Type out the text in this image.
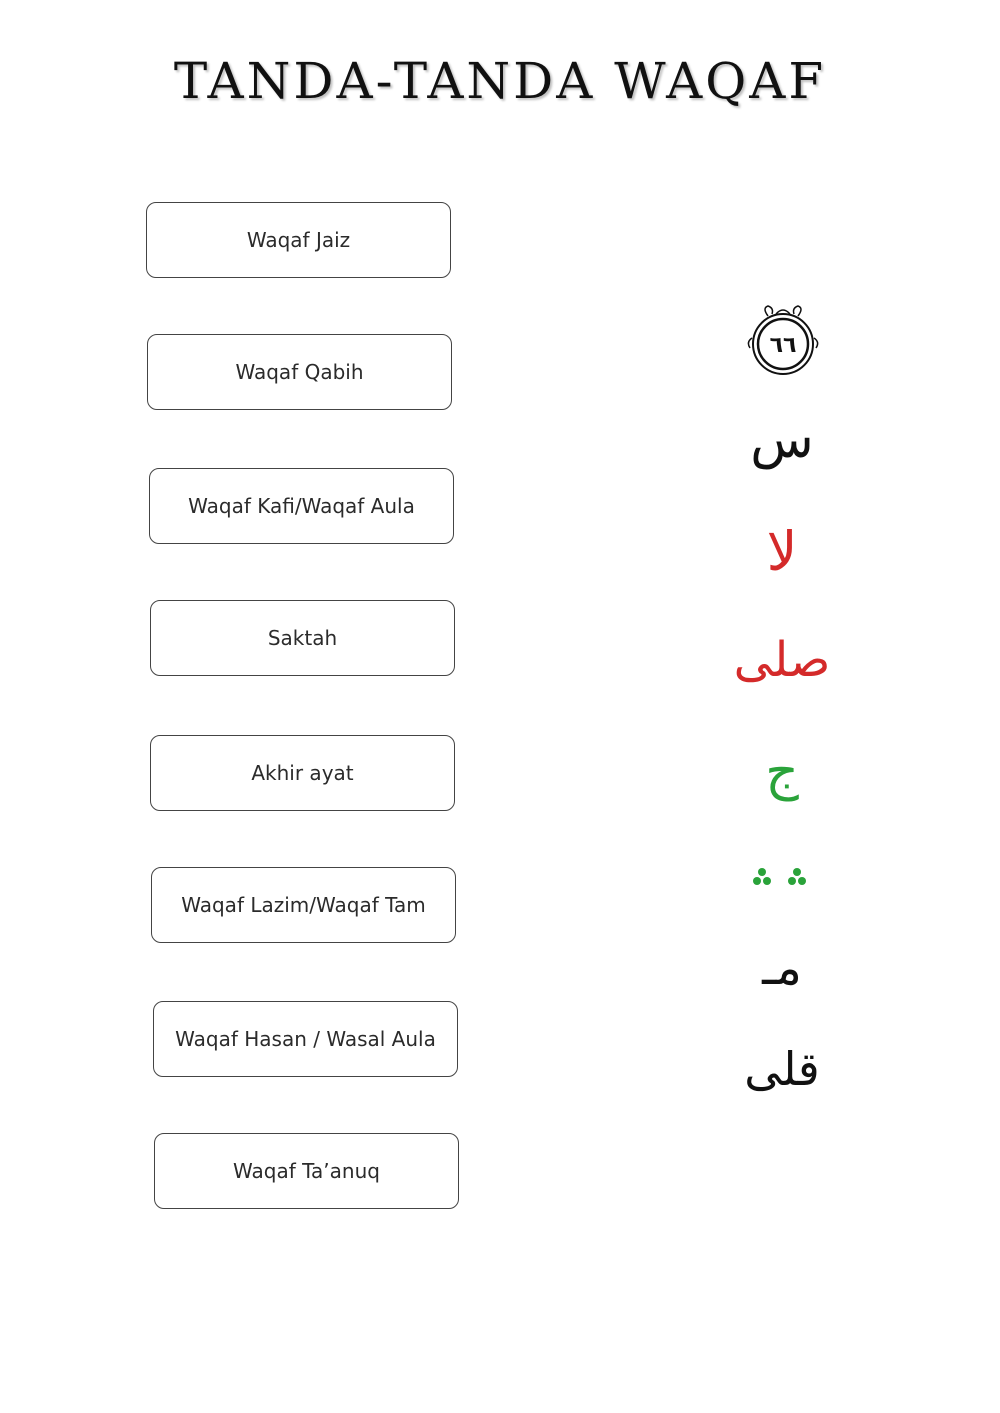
TANDA-TANDA WAQAF
Waqaf Jaiz
Waqaf Qabih
Waqaf Kafi/Waqaf Aula
Saktah
Akhir ayat
Waqaf Lazim/Waqaf Tam
Waqaf Hasan / Wasal Aula
Waqaf Ta’anuq
٦٦
س
لا
صلى
ج
مـ
قلى
